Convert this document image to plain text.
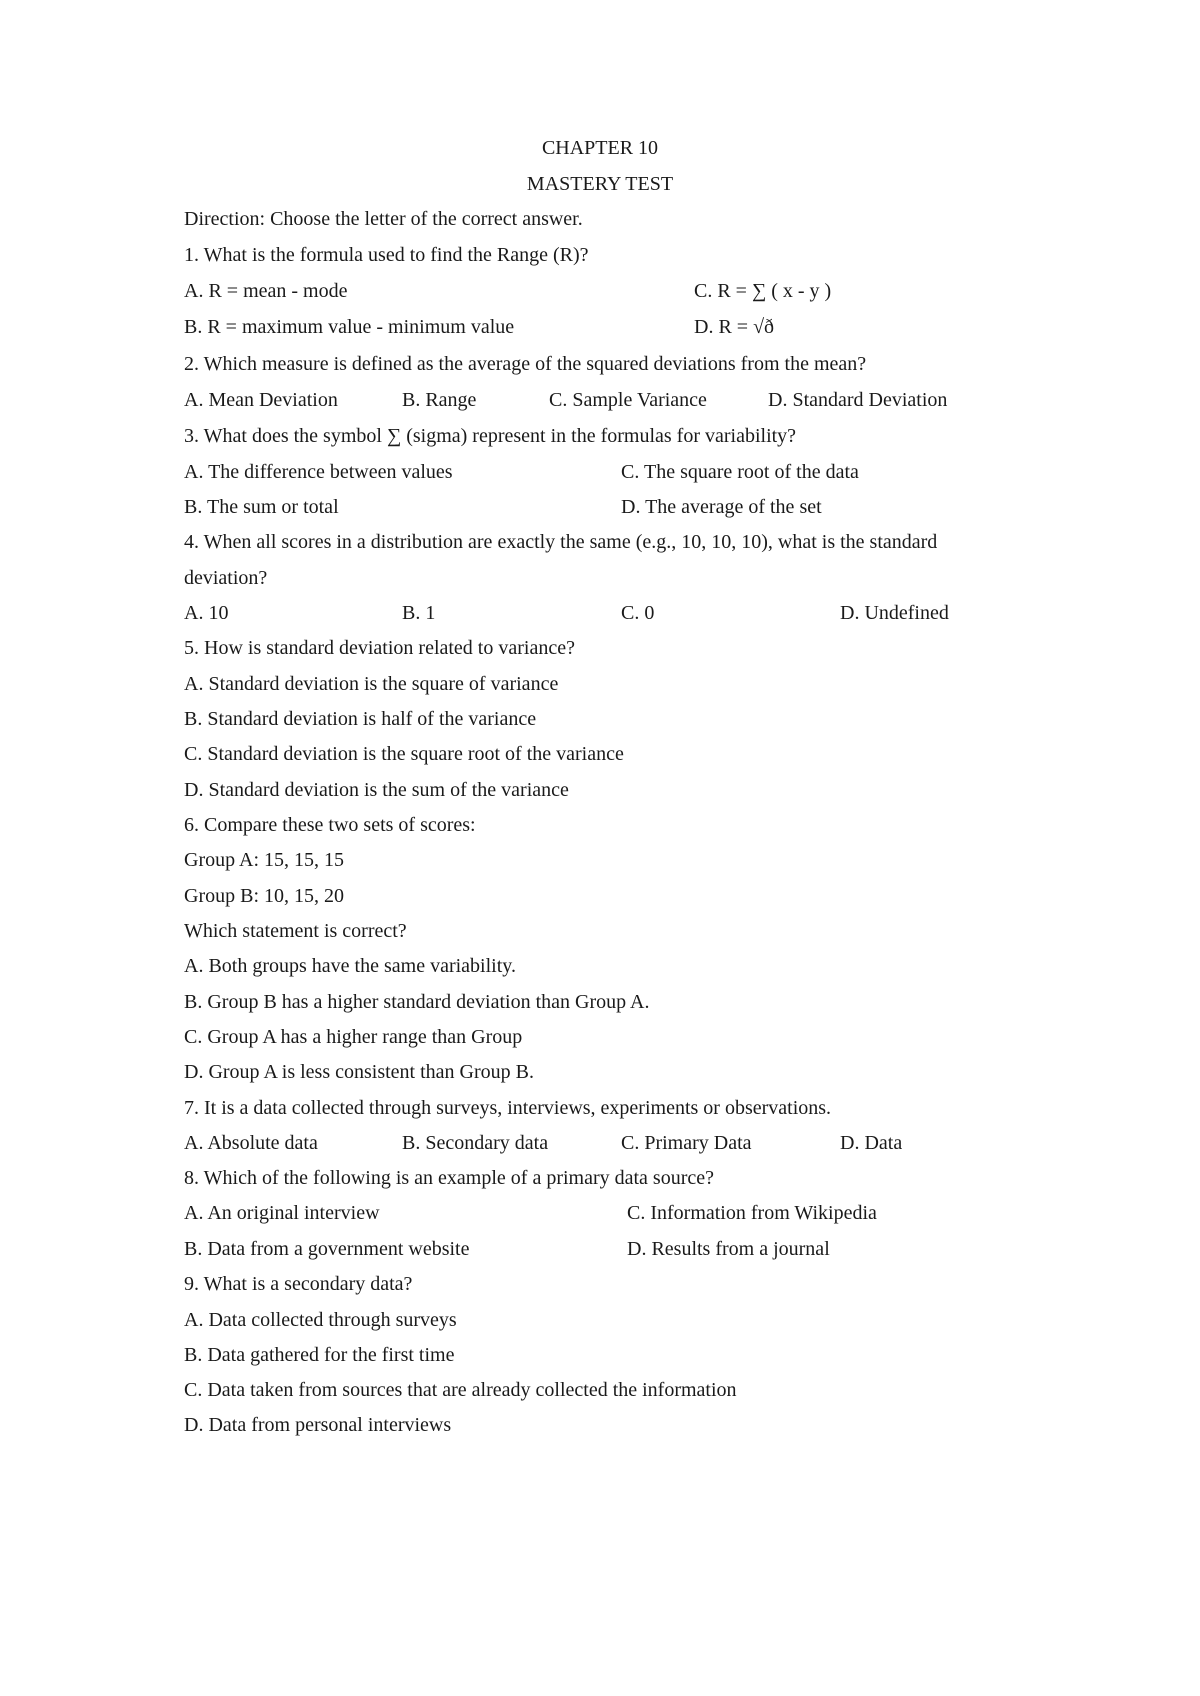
CHAPTER 10
MASTERY TEST
Direction: Choose the letter of the correct answer.
1. What is the formula used to find the Range (R)?
A. R = mean - mode	C. R = ∑ ( x - y )
B. R = maximum value - minimum value	D. R = √ð
2. Which measure is defined as the average of the squared deviations from the mean?
A. Mean Deviation	B. Range	C. Sample Variance	D. Standard Deviation
3. What does the symbol ∑ (sigma) represent in the formulas for variability?
A. The difference between values	C. The square root of the data
B. The sum or total	D. The average of the set
4. When all scores in a distribution are exactly the same (e.g., 10, 10, 10), what is the standard
deviation?
A. 10	B. 1	C. 0	D. Undefined
5. How is standard deviation related to variance?
A. Standard deviation is the square of variance
B. Standard deviation is half of the variance
C. Standard deviation is the square root of the variance
D. Standard deviation is the sum of the variance
6. Compare these two sets of scores:
Group A: 15, 15, 15
Group B: 10, 15, 20
Which statement is correct?
A. Both groups have the same variability.
B. Group B has a higher standard deviation than Group A.
C. Group A has a higher range than Group
D. Group A is less consistent than Group B.
7. It is a data collected through surveys, interviews, experiments or observations.
A. Absolute data	B. Secondary data	C. Primary Data	D. Data
8. Which of the following is an example of a primary data source?
A. An original interview	C. Information from Wikipedia
B. Data from a government website	D. Results from a journal
9. What is a secondary data?
A. Data collected through surveys
B. Data gathered for the first time
C. Data taken from sources that are already collected the information
D. Data from personal interviews
